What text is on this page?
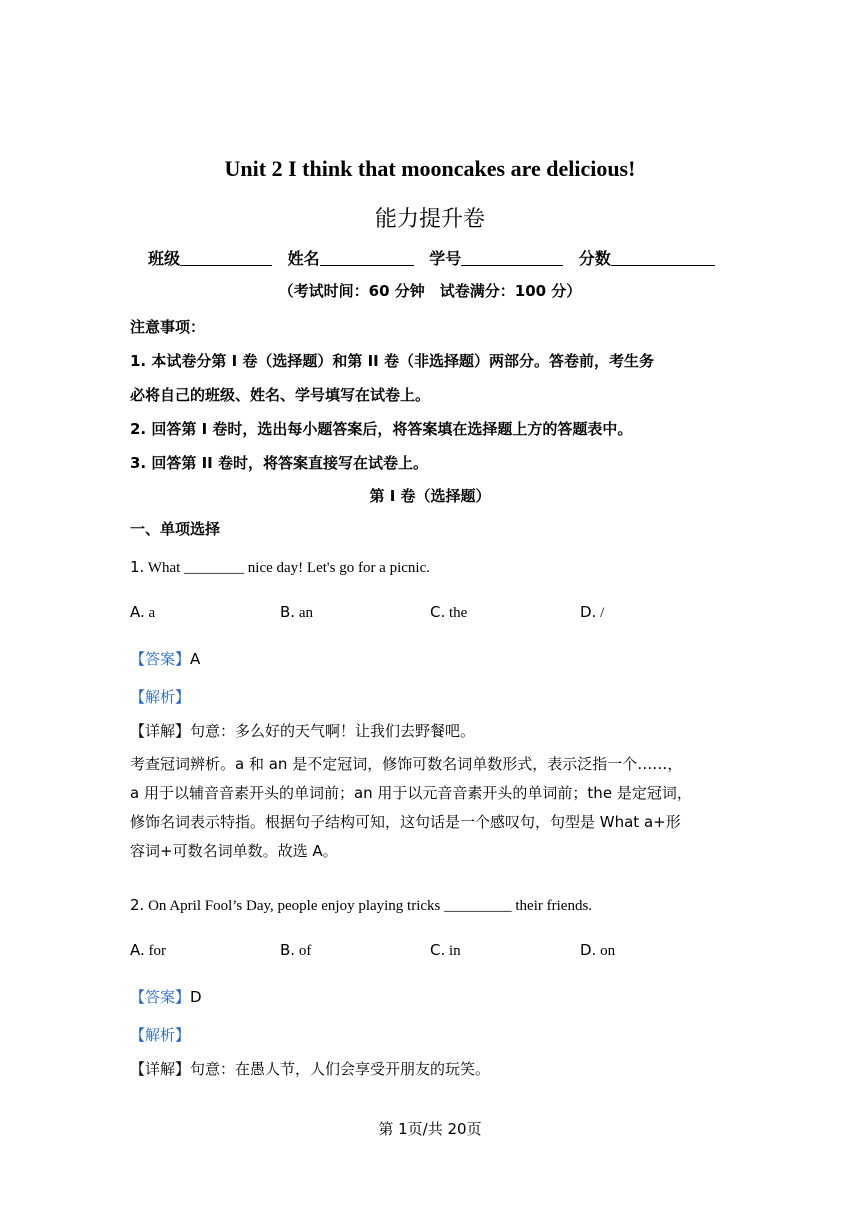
Unit 2 I think that mooncakes are delicious!
能力提升卷
班级	姓名	学号	分数
（考试时间：60 分钟　试卷满分：100 分）
注意事项：
1. 本试卷分第 I 卷（选择题）和第 II 卷（非选择题）两部分。答卷前，考生务
必将自己的班级、姓名、学号填写在试卷上。
2. 回答第 I 卷时，选出每小题答案后，将答案填在选择题上方的答题表中。
3. 回答第 II 卷时，将答案直接写在试卷上。
第 I 卷（选择题）
一、单项选择
1. What ________ nice day! Let's go for a picnic.
A. a	B. an	C. the	D. /
【答案】A
【解析】
【详解】句意：多么好的天气啊！让我们去野餐吧。
考查冠词辨析。a 和 an 是不定冠词，修饰可数名词单数形式，表示泛指一个……，
a 用于以辅音音素开头的单词前；an 用于以元音音素开头的单词前；the 是定冠词，
修饰名词表示特指。根据句子结构可知，这句话是一个感叹句，句型是 What a+形
容词+可数名词单数。故选 A。
2. On April Fool’s Day, people enjoy playing tricks _________ their friends.
A. for	B. of	C. in	D. on
【答案】D
【解析】
【详解】句意：在愚人节，人们会享受开朋友的玩笑。
第 1页/共 20页
